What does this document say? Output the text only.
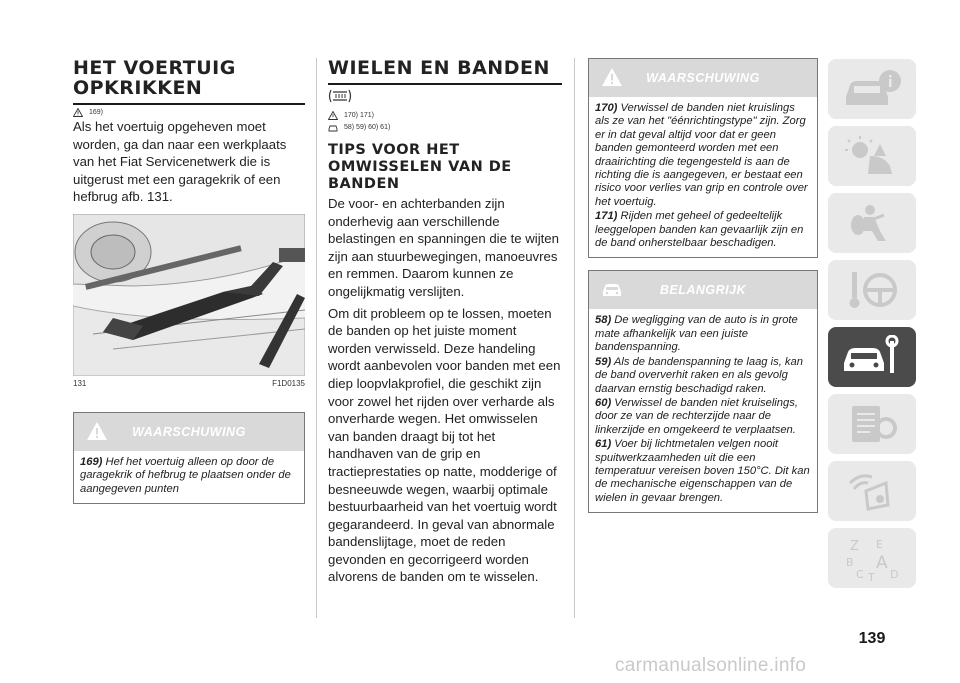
HET VOERTUIG OPKRIKKEN
169)

Als het voertuig opgeheven moet worden, ga dan naar een werkplaats van het Fiat Servicenetwerk die is uitgerust met een garagekrik of een hefbrug afb. 131.

131	F1D0135
WAARSCHUWING

169) Hef het voertuig alleen op door de garagekrik of hefbrug te plaatsen onder de aangegeven punten

WIELEN EN BANDEN
170) 171)
58) 59) 60) 61)
TIPS VOOR HET OMWISSELEN VAN DE BANDEN

De voor- en achterbanden zijn onderhevig aan verschillende belastingen en spanningen die te wijten zijn aan stuurbewegingen, manoeuvres en remmen. Daarom kunnen ze ongelijkmatig verslijten.

Om dit probleem op te lossen, moeten de banden op het juiste moment worden verwisseld. Deze handeling wordt aanbevolen voor banden met een diep loopvlakprofiel, die geschikt zijn voor zowel het rijden over verharde als onverharde wegen. Het omwisselen van banden draagt bij tot het handhaven van de grip en tractieprestaties op natte, modderige of besneeuwde wegen, waarbij optimale bestuurbaarheid van het voertuig wordt gegarandeerd. In geval van abnormale bandenslijtage, moet de reden gevonden en gecorrigeerd worden alvorens de banden om te wisselen.

WAARSCHUWING

170) Verwissel de banden niet kruislings als ze van het "éénrichtingstype" zijn. Zorg er in dat geval altijd voor dat er geen banden gemonteerd worden met een draairichting die tegengesteld is aan de richting die is aangegeven, er bestaat een risico voor verlies van grip en controle over het voertuig.

171) Rijden met geheel of gedeeltelijk leeggelopen banden kan gevaarlijk zijn en de band onherstelbaar beschadigen.

BELANGRIJK

58) De wegligging van de auto is in grote mate afhankelijk van een juiste bandenspanning.

59) Als de bandenspanning te laag is, kan de band oververhit raken en als gevolg daarvan ernstig beschadigd raken.

60) Verwissel de banden niet kruiselings, door ze van de rechterzijde naar de linkerzijde en omgekeerd te verplaatsen.

61) Voer bij lichtmetalen velgen nooit spuitwerkzaamheden uit die een temperatuur vereisen boven 150°C. Dit kan de mechanische eigenschappen van de wielen in gevaar brengen.

Z E
B A
C T D
139
carmanualsonline.info
